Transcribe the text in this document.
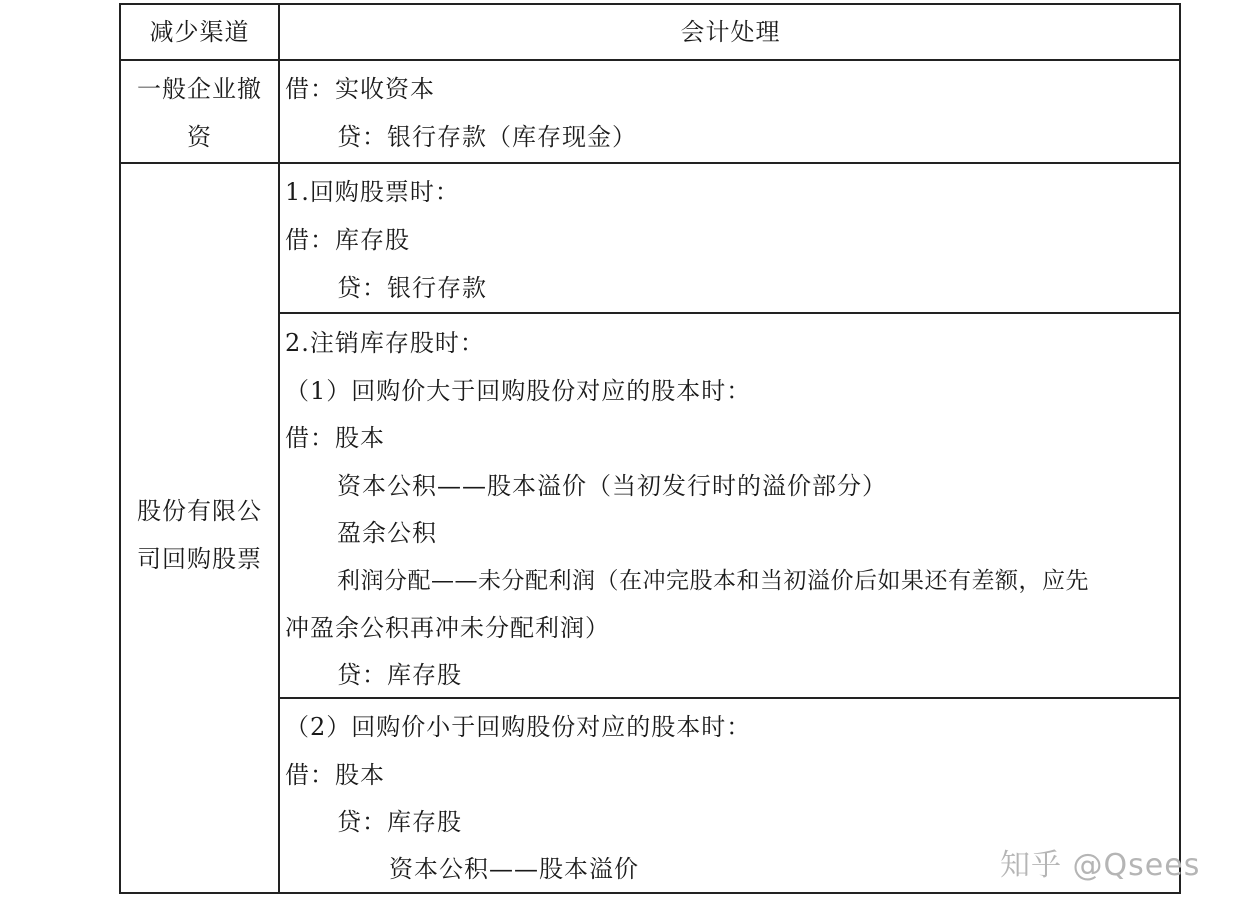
减少渠道	会计处理
一般企业撤
资
借：实收资本
贷：银行存款（库存现金）
股份有限公
司回购股票
1.回购股票时：
借：库存股
贷：银行存款
2.注销库存股时：
（1）回购价大于回购股份对应的股本时：
借：股本
资本公积——股本溢价（当初发行时的溢价部分）
盈余公积
利润分配——未分配利润（在冲完股本和当初溢价后如果还有差额，应先
冲盈余公积再冲未分配利润）
贷：库存股
（2）回购价小于回购股份对应的股本时：
借：股本
贷：库存股
资本公积——股本溢价	知乎 @Qsees
